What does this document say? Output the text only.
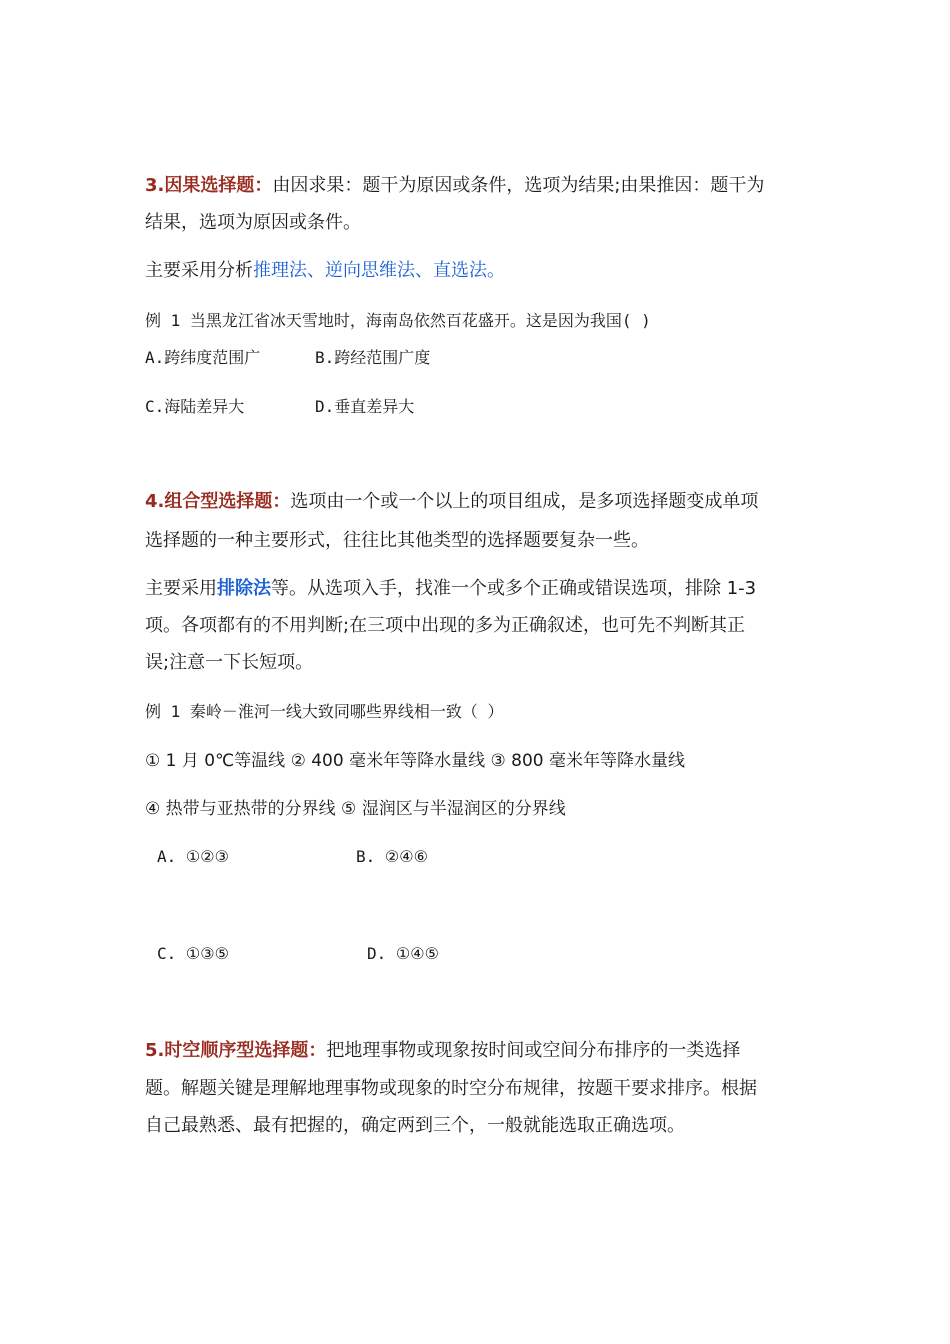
3.因果选择题：由因求果：题干为原因或条件，选项为结果;由果推因：题干为
结果，选项为原因或条件。
主要采用分析推理法、逆向思维法、直选法。
例 1 当黑龙江省冰天雪地时，海南岛依然百花盛开。这是因为我国( )
A.跨纬度范围广	B.跨经范围广度
C.海陆差异大	D.垂直差异大
4.组合型选择题：选项由一个或一个以上的项目组成，是多项选择题变成单项
选择题的一种主要形式，往往比其他类型的选择题要复杂一些。
主要采用排除法等。从选项入手，找准一个或多个正确或错误选项，排除 1-3
项。各项都有的不用判断;在三项中出现的多为正确叙述，也可先不判断其正
误;注意一下长短项。
例 1 秦岭－淮河一线大致同哪些界线相一致（ ）
① 1 月 0℃等温线 ② 400 毫米年等降水量线 ③ 800 毫米年等降水量线
④ 热带与亚热带的分界线 ⑤ 湿润区与半湿润区的分界线
A. ①②③	B. ②④⑥
C. ①③⑤	D. ①④⑤
5.时空顺序型选择题：把地理事物或现象按时间或空间分布排序的一类选择
题。解题关键是理解地理事物或现象的时空分布规律，按题干要求排序。根据
自己最熟悉、最有把握的，确定两到三个，一般就能选取正确选项。
